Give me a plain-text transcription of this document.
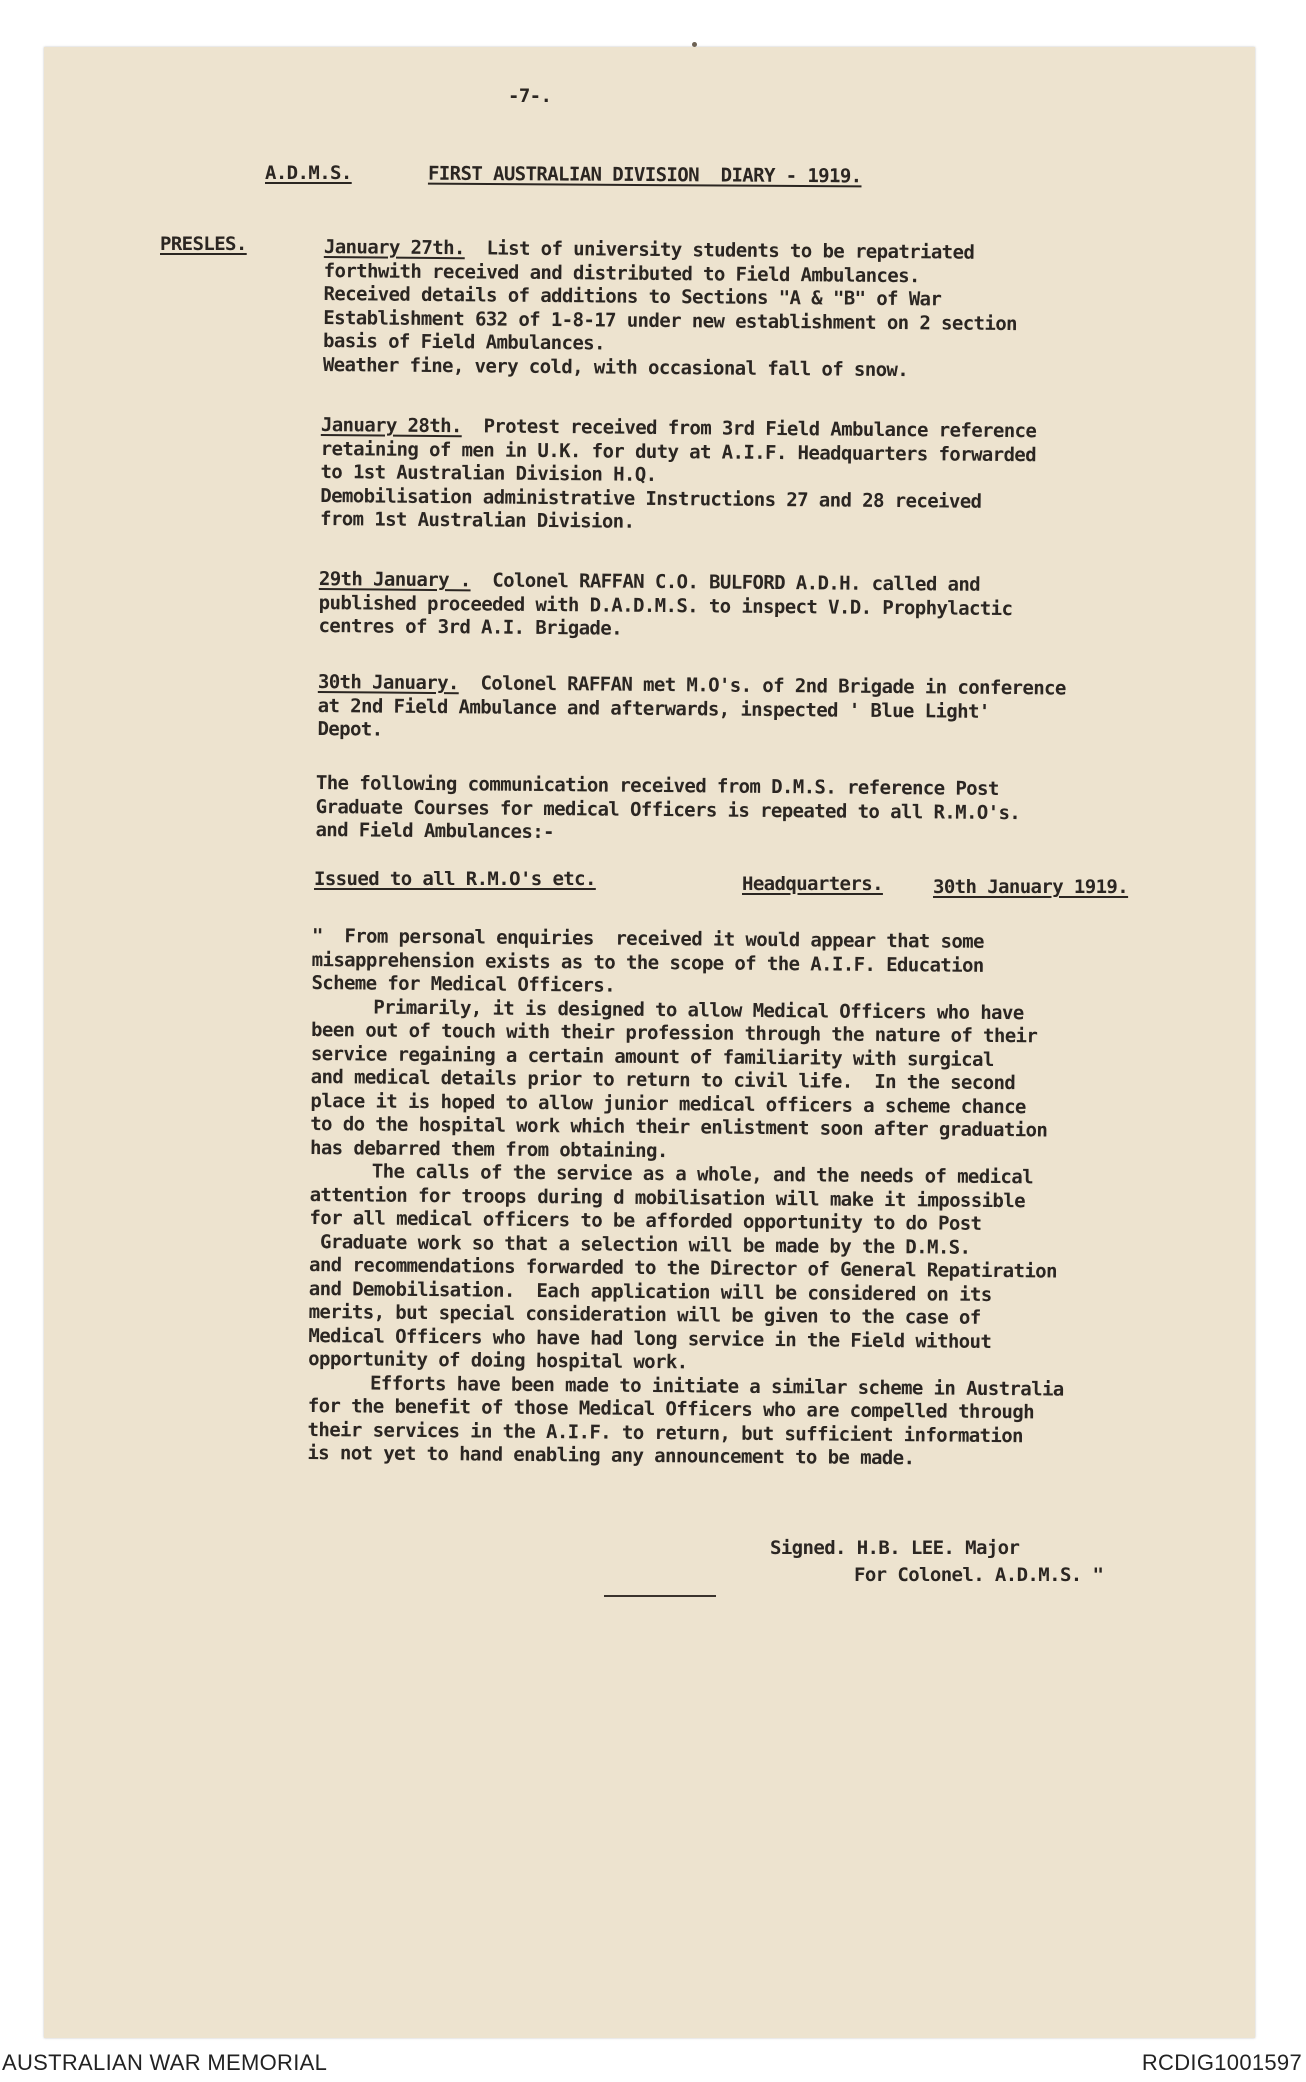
-7-.
A.D.M.S.	FIRST AUSTRALIAN DIVISION  DIARY - 1919.
PRESLES.	January 27th. List of university students to be repatriated
forthwith received and distributed to Field Ambulances.
Received details of additions to Sections "A & "B" of War
Establishment 632 of 1-8-17 under new establishment on 2 section
basis of Field Ambulances.
Weather fine, very cold, with occasional fall of snow.
January 28th. Protest received from 3rd Field Ambulance reference
retaining of men in U.K. for duty at A.I.F. Headquarters forwarded
to 1st Australian Division H.Q.
Demobilisation administrative Instructions 27 and 28 received
from 1st Australian Division.
29th January . Colonel RAFFAN C.O. BULFORD A.D.H. called and
published proceeded with D.A.D.M.S. to inspect V.D. Prophylactic
centres of 3rd A.I. Brigade.
30th January. Colonel RAFFAN met M.O's. of 2nd Brigade in conference
at 2nd Field Ambulance and afterwards, inspected ' Blue Light'
Depot.
The following communication received from D.M.S. reference Post
Graduate Courses for medical Officers is repeated to all R.M.O's.
and Field Ambulances:-
Issued to all R.M.O's etc.	Headquarters.	30th January 1919.
"  From personal enquiries  received it would appear that some
misapprehension exists as to the scope of the A.I.F. Education
Scheme for Medical Officers.
Primarily, it is designed to allow Medical Officers who have
been out of touch with their profession through the nature of their
service regaining a certain amount of familiarity with surgical
and medical details prior to return to civil life.  In the second
place it is hoped to allow junior medical officers a scheme chance
to do the hospital work which their enlistment soon after graduation
has debarred them from obtaining.
The calls of the service as a whole, and the needs of medical
attention for troops during d mobilisation will make it impossible
for all medical officers to be afforded opportunity to do Post
Graduate work so that a selection will be made by the D.M.S.
and recommendations forwarded to the Director of General Repatiration
and Demobilisation.  Each application will be considered on its
merits, but special consideration will be given to the case of
Medical Officers who have had long service in the Field without
opportunity of doing hospital work.
Efforts have been made to initiate a similar scheme in Australia
for the benefit of those Medical Officers who are compelled through
their services in the A.I.F. to return, but sufficient information
is not yet to hand enabling any announcement to be made.
Signed. H.B. LEE. Major
For Colonel. A.D.M.S. "
AUSTRALIAN WAR MEMORIAL	RCDIG1001597
